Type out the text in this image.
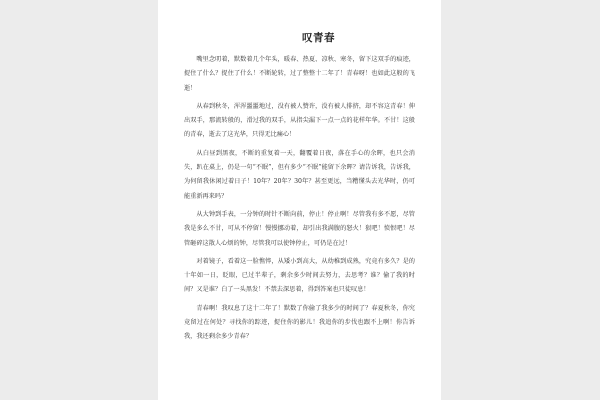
叹青春

嘴里念叨着，默数着几个年头，暖春、热夏、凉秋、寒冬，留下这双手的痕迹，捉住了什么？捉住了什么！不断轮转，过了整整十二年了！青春呀！也如此这般的飞逝！

从春到秋冬，浑浑噩噩地过，没有被人赞许，没有被人排挤，却不容这青春！伸出双手，那流转般的，滑过我的双手，从指尖漏下一点一点的花样年华。不甘！这般的青春，逝去了这光华，只得无比痛心！

从白昼到黑夜，不断的重复着一天，翻覆着日夜，落在手心的余晖，也只会消失，趴在桌上，仍是一句“不眠”，但有多少“不眠”能留下余晖？请告诉我，告诉我，为何留我休闲过着日子！10年？20年？30年？甚至更远，当糟懂头去光华时，仍可能重新再来吗？

从大钟到手表，一分钟的时针不断向前，停止！停止啊！尽管我有多不愿，尽管我是多么不甘，可从不停留！慢慢挪动着，却引出我满腹的怒火！狠吧！愤恨吧！尽管砸碎这散人心烦的钟，尽管我可以使钟停止，可仍是在过！

对着镜子，看着这一脸憔悴，从矮小到高大，从幼稚到成熟，究竟有多久？是的十年如一日，眨眼，已过半辈子，剩余多少时间去努力，去思考？谁？偷了我的时间？又是谁？白了一头黑发！不禁去深思着，得到答案也只徒叹息！

青春啊！我叹息了这十二年了！默数了你偷了我多少的时间了？春夏秋冬，你究竟留过在何处？寻找你的踪迹，捉住你的影儿！我追你的步伐也跟不上啊！你告诉我，我还剩余多少青春？
